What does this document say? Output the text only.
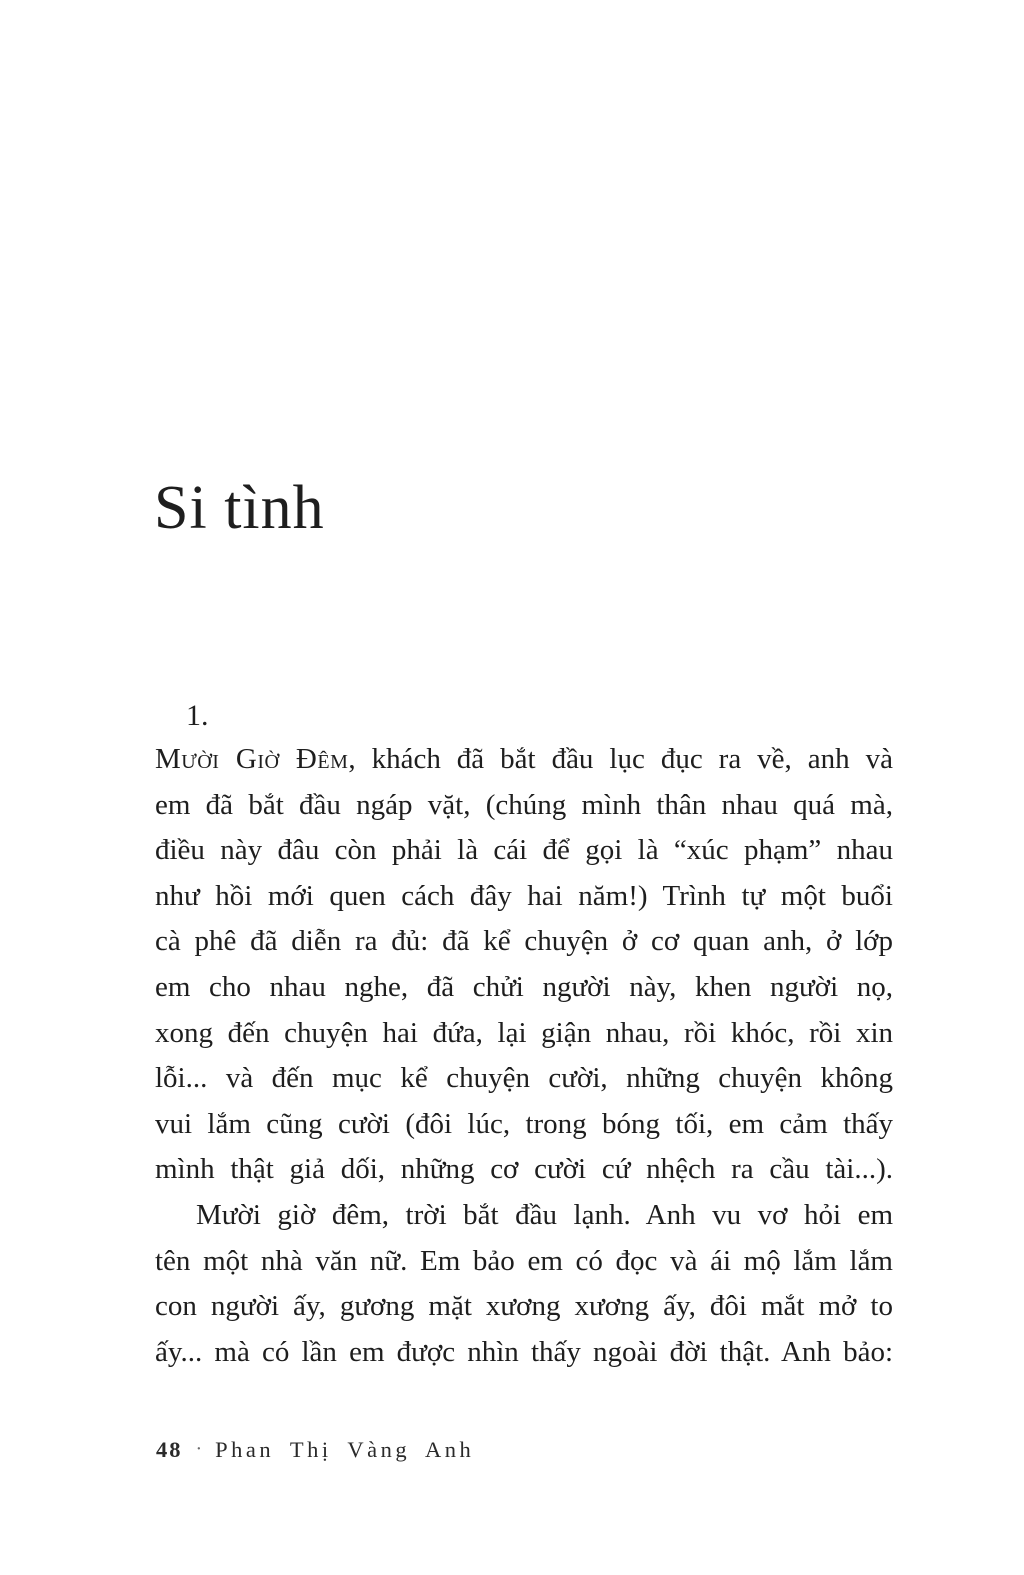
Si tình
1.
Mười Giờ Đêm, khách đã bắt đầu lục đục ra về, anh và
em đã bắt đầu ngáp vặt, (chúng mình thân nhau quá mà,
điều này đâu còn phải là cái để gọi là “xúc phạm” nhau
như hồi mới quen cách đây hai năm!) Trình tự một buổi
cà phê đã diễn ra đủ: đã kể chuyện ở cơ quan anh, ở lớp
em cho nhau nghe, đã chửi người này, khen người nọ,
xong đến chuyện hai đứa, lại giận nhau, rồi khóc, rồi xin
lỗi... và đến mục kể chuyện cười, những chuyện không
vui lắm cũng cười (đôi lúc, trong bóng tối, em cảm thấy
mình thật giả dối, những cơ cười cứ nhệch ra cầu tài...).
Mười giờ đêm, trời bắt đầu lạnh. Anh vu vơ hỏi em
tên một nhà văn nữ. Em bảo em có đọc và ái mộ lắm lắm
con người ấy, gương mặt xương xương ấy, đôi mắt mở to
ấy... mà có lần em được nhìn thấy ngoài đời thật. Anh bảo:
48 · Phan Thị Vàng Anh
